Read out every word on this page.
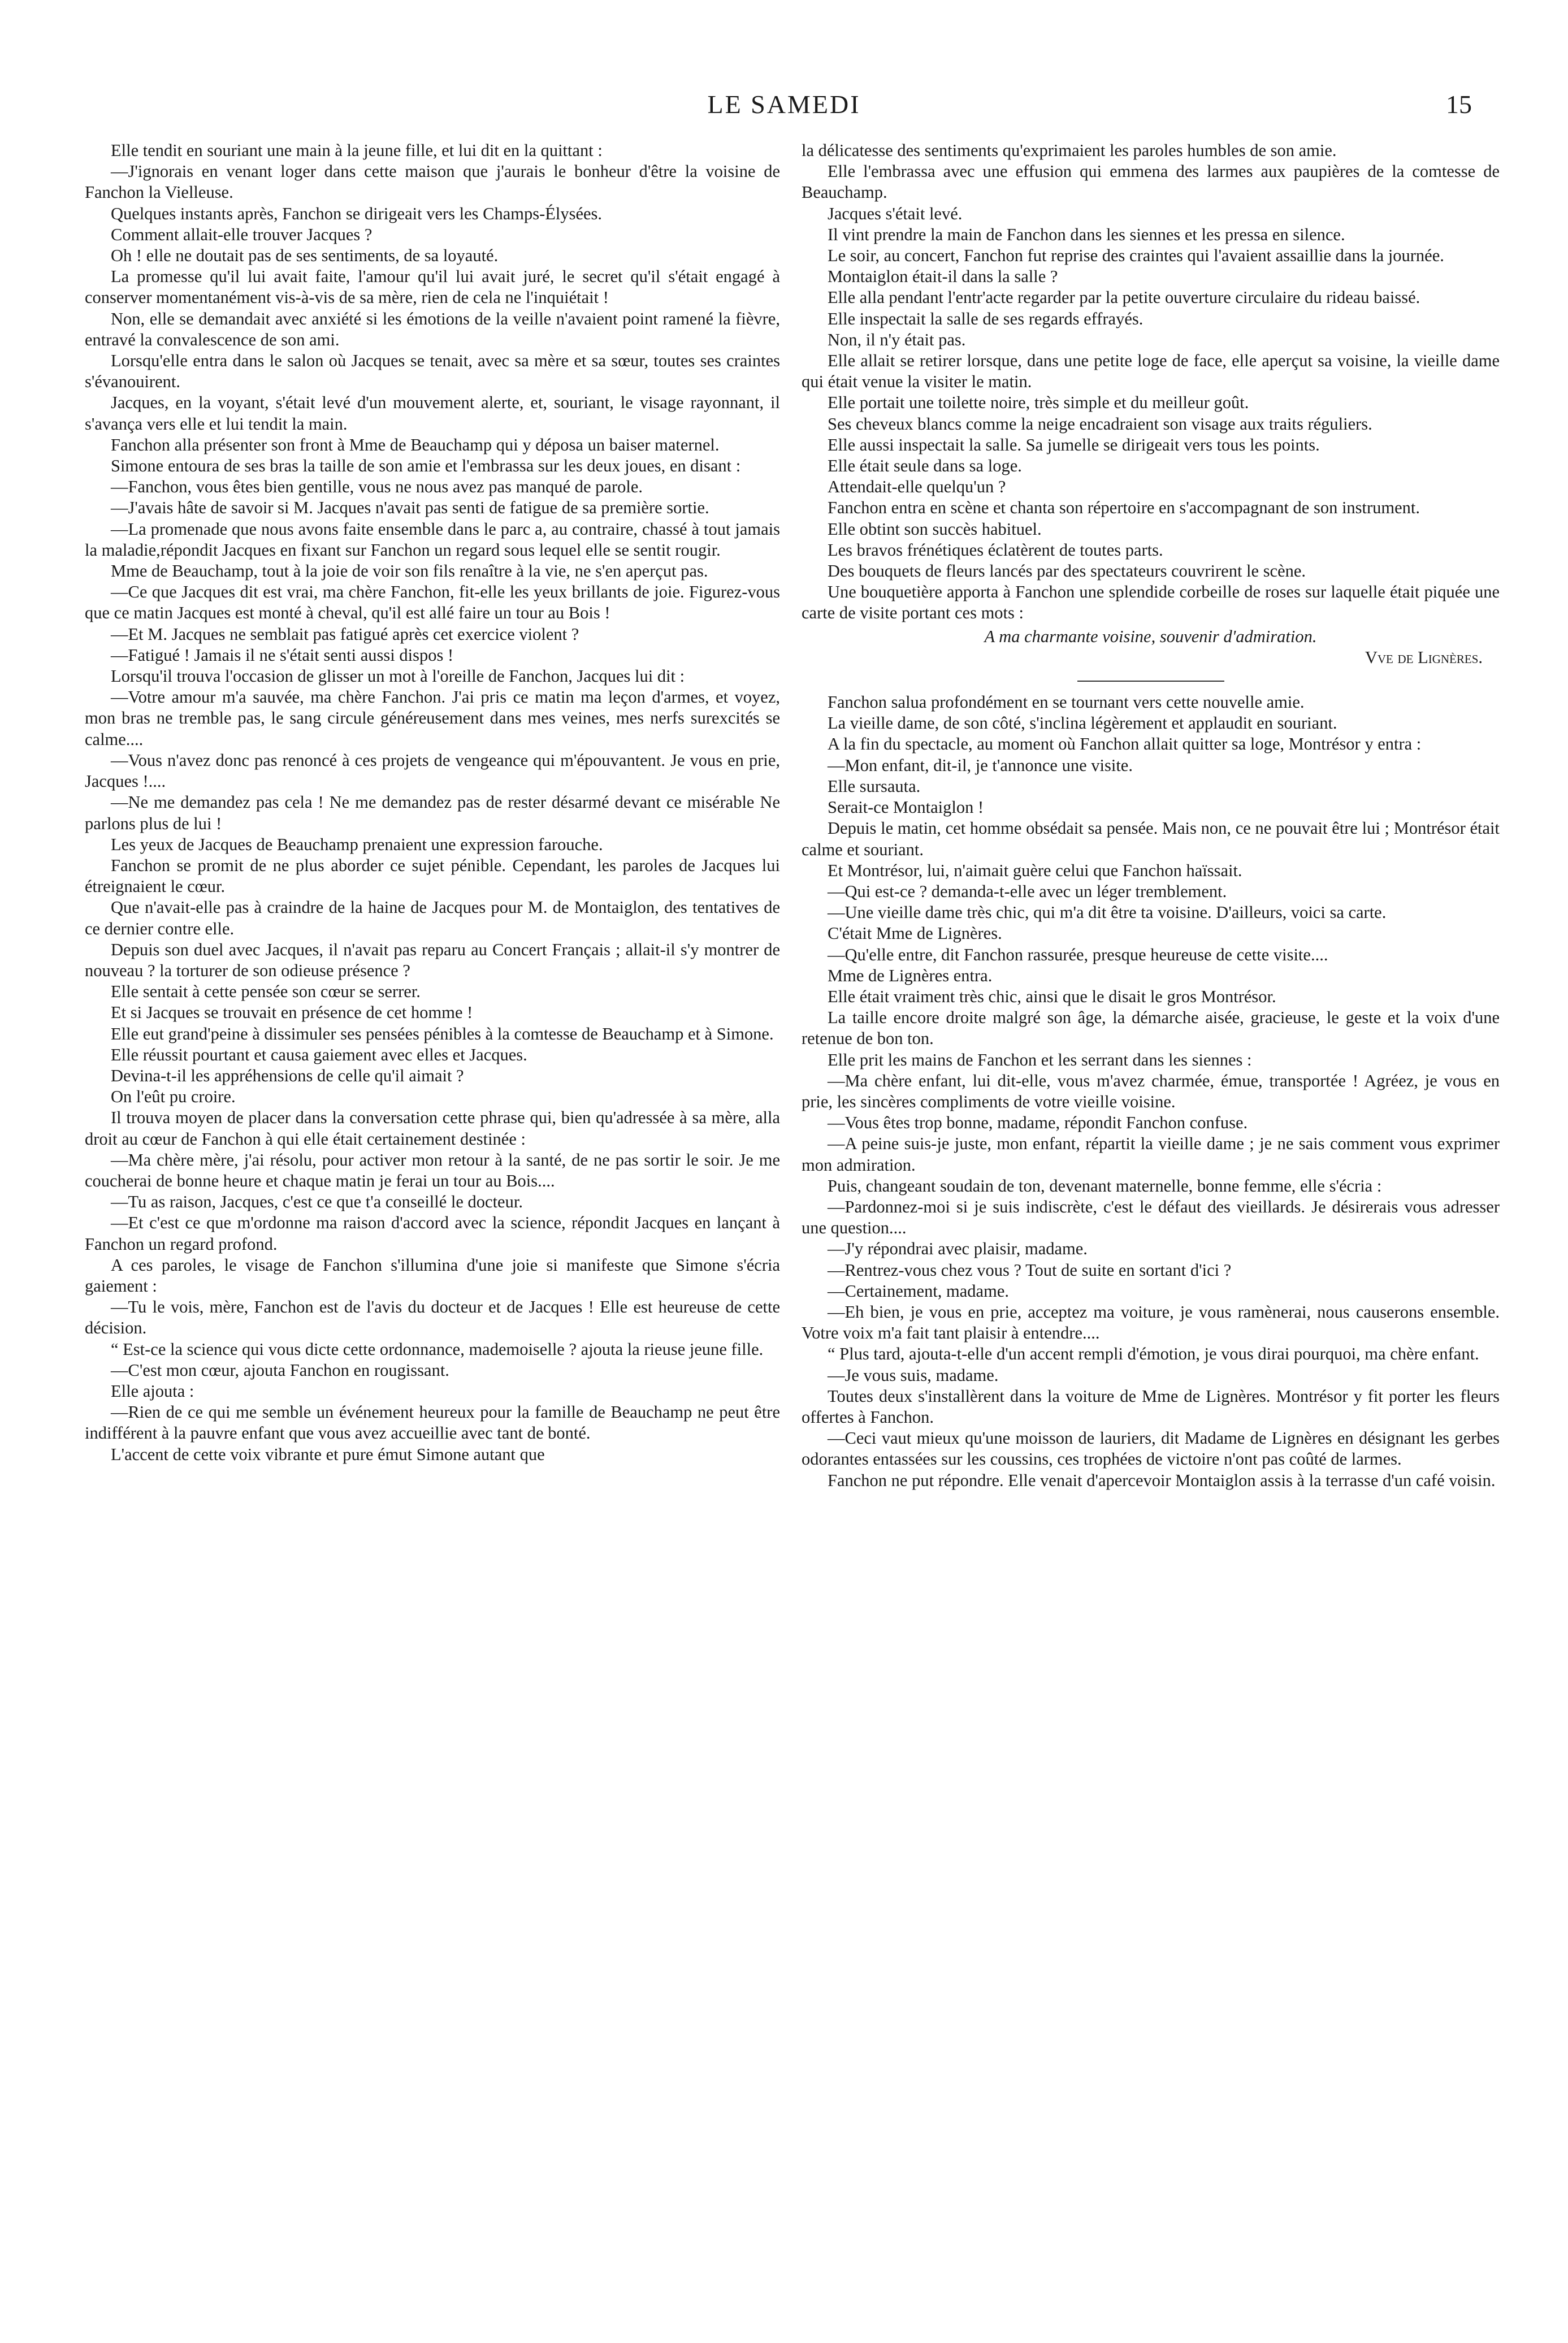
LE SAMEDI	15

Elle tendit en souriant une main à la jeune fille, et lui dit en la quittant :

—J'ignorais en venant loger dans cette maison que j'aurais le bonheur d'être la voisine de Fanchon la Vielleuse.

Quelques instants après, Fanchon se dirigeait vers les Champs-Élysées.

Comment allait-elle trouver Jacques ?

Oh ! elle ne doutait pas de ses sentiments, de sa loyauté.

La promesse qu'il lui avait faite, l'amour qu'il lui avait juré, le secret qu'il s'était engagé à conserver momentanément vis-à-vis de sa mère, rien de cela ne l'inquiétait !

Non, elle se demandait avec anxiété si les émotions de la veille n'avaient point ramené la fièvre, entravé la convalescence de son ami.

Lorsqu'elle entra dans le salon où Jacques se tenait, avec sa mère et sa sœur, toutes ses craintes s'évanouirent.

Jacques, en la voyant, s'était levé d'un mouvement alerte, et, souriant, le visage rayonnant, il s'avança vers elle et lui tendit la main.

Fanchon alla présenter son front à Mme de Beauchamp qui y déposa un baiser maternel.

Simone entoura de ses bras la taille de son amie et l'embrassa sur les deux joues, en disant :

—Fanchon, vous êtes bien gentille, vous ne nous avez pas manqué de parole.

—J'avais hâte de savoir si M. Jacques n'avait pas senti de fatigue de sa première sortie.

—La promenade que nous avons faite ensemble dans le parc a, au contraire, chassé à tout jamais la maladie,répondit Jacques en fixant sur Fanchon un regard sous lequel elle se sentit rougir.

Mme de Beauchamp, tout à la joie de voir son fils renaître à la vie, ne s'en aperçut pas.

—Ce que Jacques dit est vrai, ma chère Fanchon, fit-elle les yeux brillants de joie. Figurez-vous que ce matin Jacques est monté à cheval, qu'il est allé faire un tour au Bois !

—Et M. Jacques ne semblait pas fatigué après cet exercice violent ?

—Fatigué ! Jamais il ne s'était senti aussi dispos !

Lorsqu'il trouva l'occasion de glisser un mot à l'oreille de Fanchon, Jacques lui dit :

—Votre amour m'a sauvée, ma chère Fanchon. J'ai pris ce matin ma leçon d'armes, et voyez, mon bras ne tremble pas, le sang circule généreusement dans mes veines, mes nerfs surexcités se calme....

—Vous n'avez donc pas renoncé à ces projets de vengeance qui m'épouvantent. Je vous en prie, Jacques !....

—Ne me demandez pas cela ! Ne me demandez pas de rester désarmé devant ce misérable Ne parlons plus de lui !

Les yeux de Jacques de Beauchamp prenaient une expression farouche.

Fanchon se promit de ne plus aborder ce sujet pénible. Cependant, les paroles de Jacques lui étreignaient le cœur.

Que n'avait-elle pas à craindre de la haine de Jacques pour M. de Montaiglon, des tentatives de ce dernier contre elle.

Depuis son duel avec Jacques, il n'avait pas reparu au Concert Français ; allait-il s'y montrer de nouveau ? la torturer de son odieuse présence ?

Elle sentait à cette pensée son cœur se serrer.

Et si Jacques se trouvait en présence de cet homme !

Elle eut grand'peine à dissimuler ses pensées pénibles à la comtesse de Beauchamp et à Simone.

Elle réussit pourtant et causa gaiement avec elles et Jacques.

Devina-t-il les appréhensions de celle qu'il aimait ?

On l'eût pu croire.

Il trouva moyen de placer dans la conversation cette phrase qui, bien qu'adressée à sa mère, alla droit au cœur de Fanchon à qui elle était certainement destinée :

—Ma chère mère, j'ai résolu, pour activer mon retour à la santé, de ne pas sortir le soir. Je me coucherai de bonne heure et chaque matin je ferai un tour au Bois....

—Tu as raison, Jacques, c'est ce que t'a conseillé le docteur.

—Et c'est ce que m'ordonne ma raison d'accord avec la science, répondit Jacques en lançant à Fanchon un regard profond.

A ces paroles, le visage de Fanchon s'illumina d'une joie si manifeste que Simone s'écria gaiement :

—Tu le vois, mère, Fanchon est de l'avis du docteur et de Jacques ! Elle est heureuse de cette décision.

“ Est-ce la science qui vous dicte cette ordonnance, mademoiselle ? ajouta la rieuse jeune fille.

—C'est mon cœur, ajouta Fanchon en rougissant.

Elle ajouta :

—Rien de ce qui me semble un événement heureux pour la famille de Beauchamp ne peut être indifférent à la pauvre enfant que vous avez accueillie avec tant de bonté.

L'accent de cette voix vibrante et pure émut Simone autant que

la délicatesse des sentiments qu'exprimaient les paroles humbles de son amie.

Elle l'embrassa avec une effusion qui emmena des larmes aux paupières de la comtesse de Beauchamp.

Jacques s'était levé.

Il vint prendre la main de Fanchon dans les siennes et les pressa en silence.

Le soir, au concert, Fanchon fut reprise des craintes qui l'avaient assaillie dans la journée.

Montaiglon était-il dans la salle ?

Elle alla pendant l'entr'acte regarder par la petite ouverture circulaire du rideau baissé.

Elle inspectait la salle de ses regards effrayés.

Non, il n'y était pas.

Elle allait se retirer lorsque, dans une petite loge de face, elle aperçut sa voisine, la vieille dame qui était venue la visiter le matin.

Elle portait une toilette noire, très simple et du meilleur goût.

Ses cheveux blancs comme la neige encadraient son visage aux traits réguliers.

Elle aussi inspectait la salle. Sa jumelle se dirigeait vers tous les points.

Elle était seule dans sa loge.

Attendait-elle quelqu'un ?

Fanchon entra en scène et chanta son répertoire en s'accompagnant de son instrument.

Elle obtint son succès habituel.

Les bravos frénétiques éclatèrent de toutes parts.

Des bouquets de fleurs lancés par des spectateurs couvrirent le scène.

Une bouquetière apporta à Fanchon une splendide corbeille de roses sur laquelle était piquée une carte de visite portant ces mots :

A ma charmante voisine, souvenir d'admiration.

Vve de Lignères.

Fanchon salua profondément en se tournant vers cette nouvelle amie.

La vieille dame, de son côté, s'inclina légèrement et applaudit en souriant.

A la fin du spectacle, au moment où Fanchon allait quitter sa loge, Montrésor y entra :

—Mon enfant, dit-il, je t'annonce une visite.

Elle sursauta.

Serait-ce Montaiglon !

Depuis le matin, cet homme obsédait sa pensée. Mais non, ce ne pouvait être lui ; Montrésor était calme et souriant.

Et Montrésor, lui, n'aimait guère celui que Fanchon haïssait.

—Qui est-ce ? demanda-t-elle avec un léger tremblement.

—Une vieille dame très chic, qui m'a dit être ta voisine. D'ailleurs, voici sa carte.

C'était Mme de Lignères.

—Qu'elle entre, dit Fanchon rassurée, presque heureuse de cette visite....

Mme de Lignères entra.

Elle était vraiment très chic, ainsi que le disait le gros Montrésor.

La taille encore droite malgré son âge, la démarche aisée, gracieuse, le geste et la voix d'une retenue de bon ton.

Elle prit les mains de Fanchon et les serrant dans les siennes :

—Ma chère enfant, lui dit-elle, vous m'avez charmée, émue, transportée ! Agréez, je vous en prie, les sincères compliments de votre vieille voisine.

—Vous êtes trop bonne, madame, répondit Fanchon confuse.

—A peine suis-je juste, mon enfant, répartit la vieille dame ; je ne sais comment vous exprimer mon admiration.

Puis, changeant soudain de ton, devenant maternelle, bonne femme, elle s'écria :

—Pardonnez-moi si je suis indiscrète, c'est le défaut des vieillards. Je désirerais vous adresser une question....

—J'y répondrai avec plaisir, madame.

—Rentrez-vous chez vous ? Tout de suite en sortant d'ici ?

—Certainement, madame.

—Eh bien, je vous en prie, acceptez ma voiture, je vous ramènerai, nous causerons ensemble. Votre voix m'a fait tant plaisir à entendre....

“ Plus tard, ajouta-t-elle d'un accent rempli d'émotion, je vous dirai pourquoi, ma chère enfant.

—Je vous suis, madame.

Toutes deux s'installèrent dans la voiture de Mme de Lignères. Montrésor y fit porter les fleurs offertes à Fanchon.

—Ceci vaut mieux qu'une moisson de lauriers, dit Madame de Lignères en désignant les gerbes odorantes entassées sur les coussins, ces trophées de victoire n'ont pas coûté de larmes.

Fanchon ne put répondre. Elle venait d'apercevoir Montaiglon assis à la terrasse d'un café voisin.
